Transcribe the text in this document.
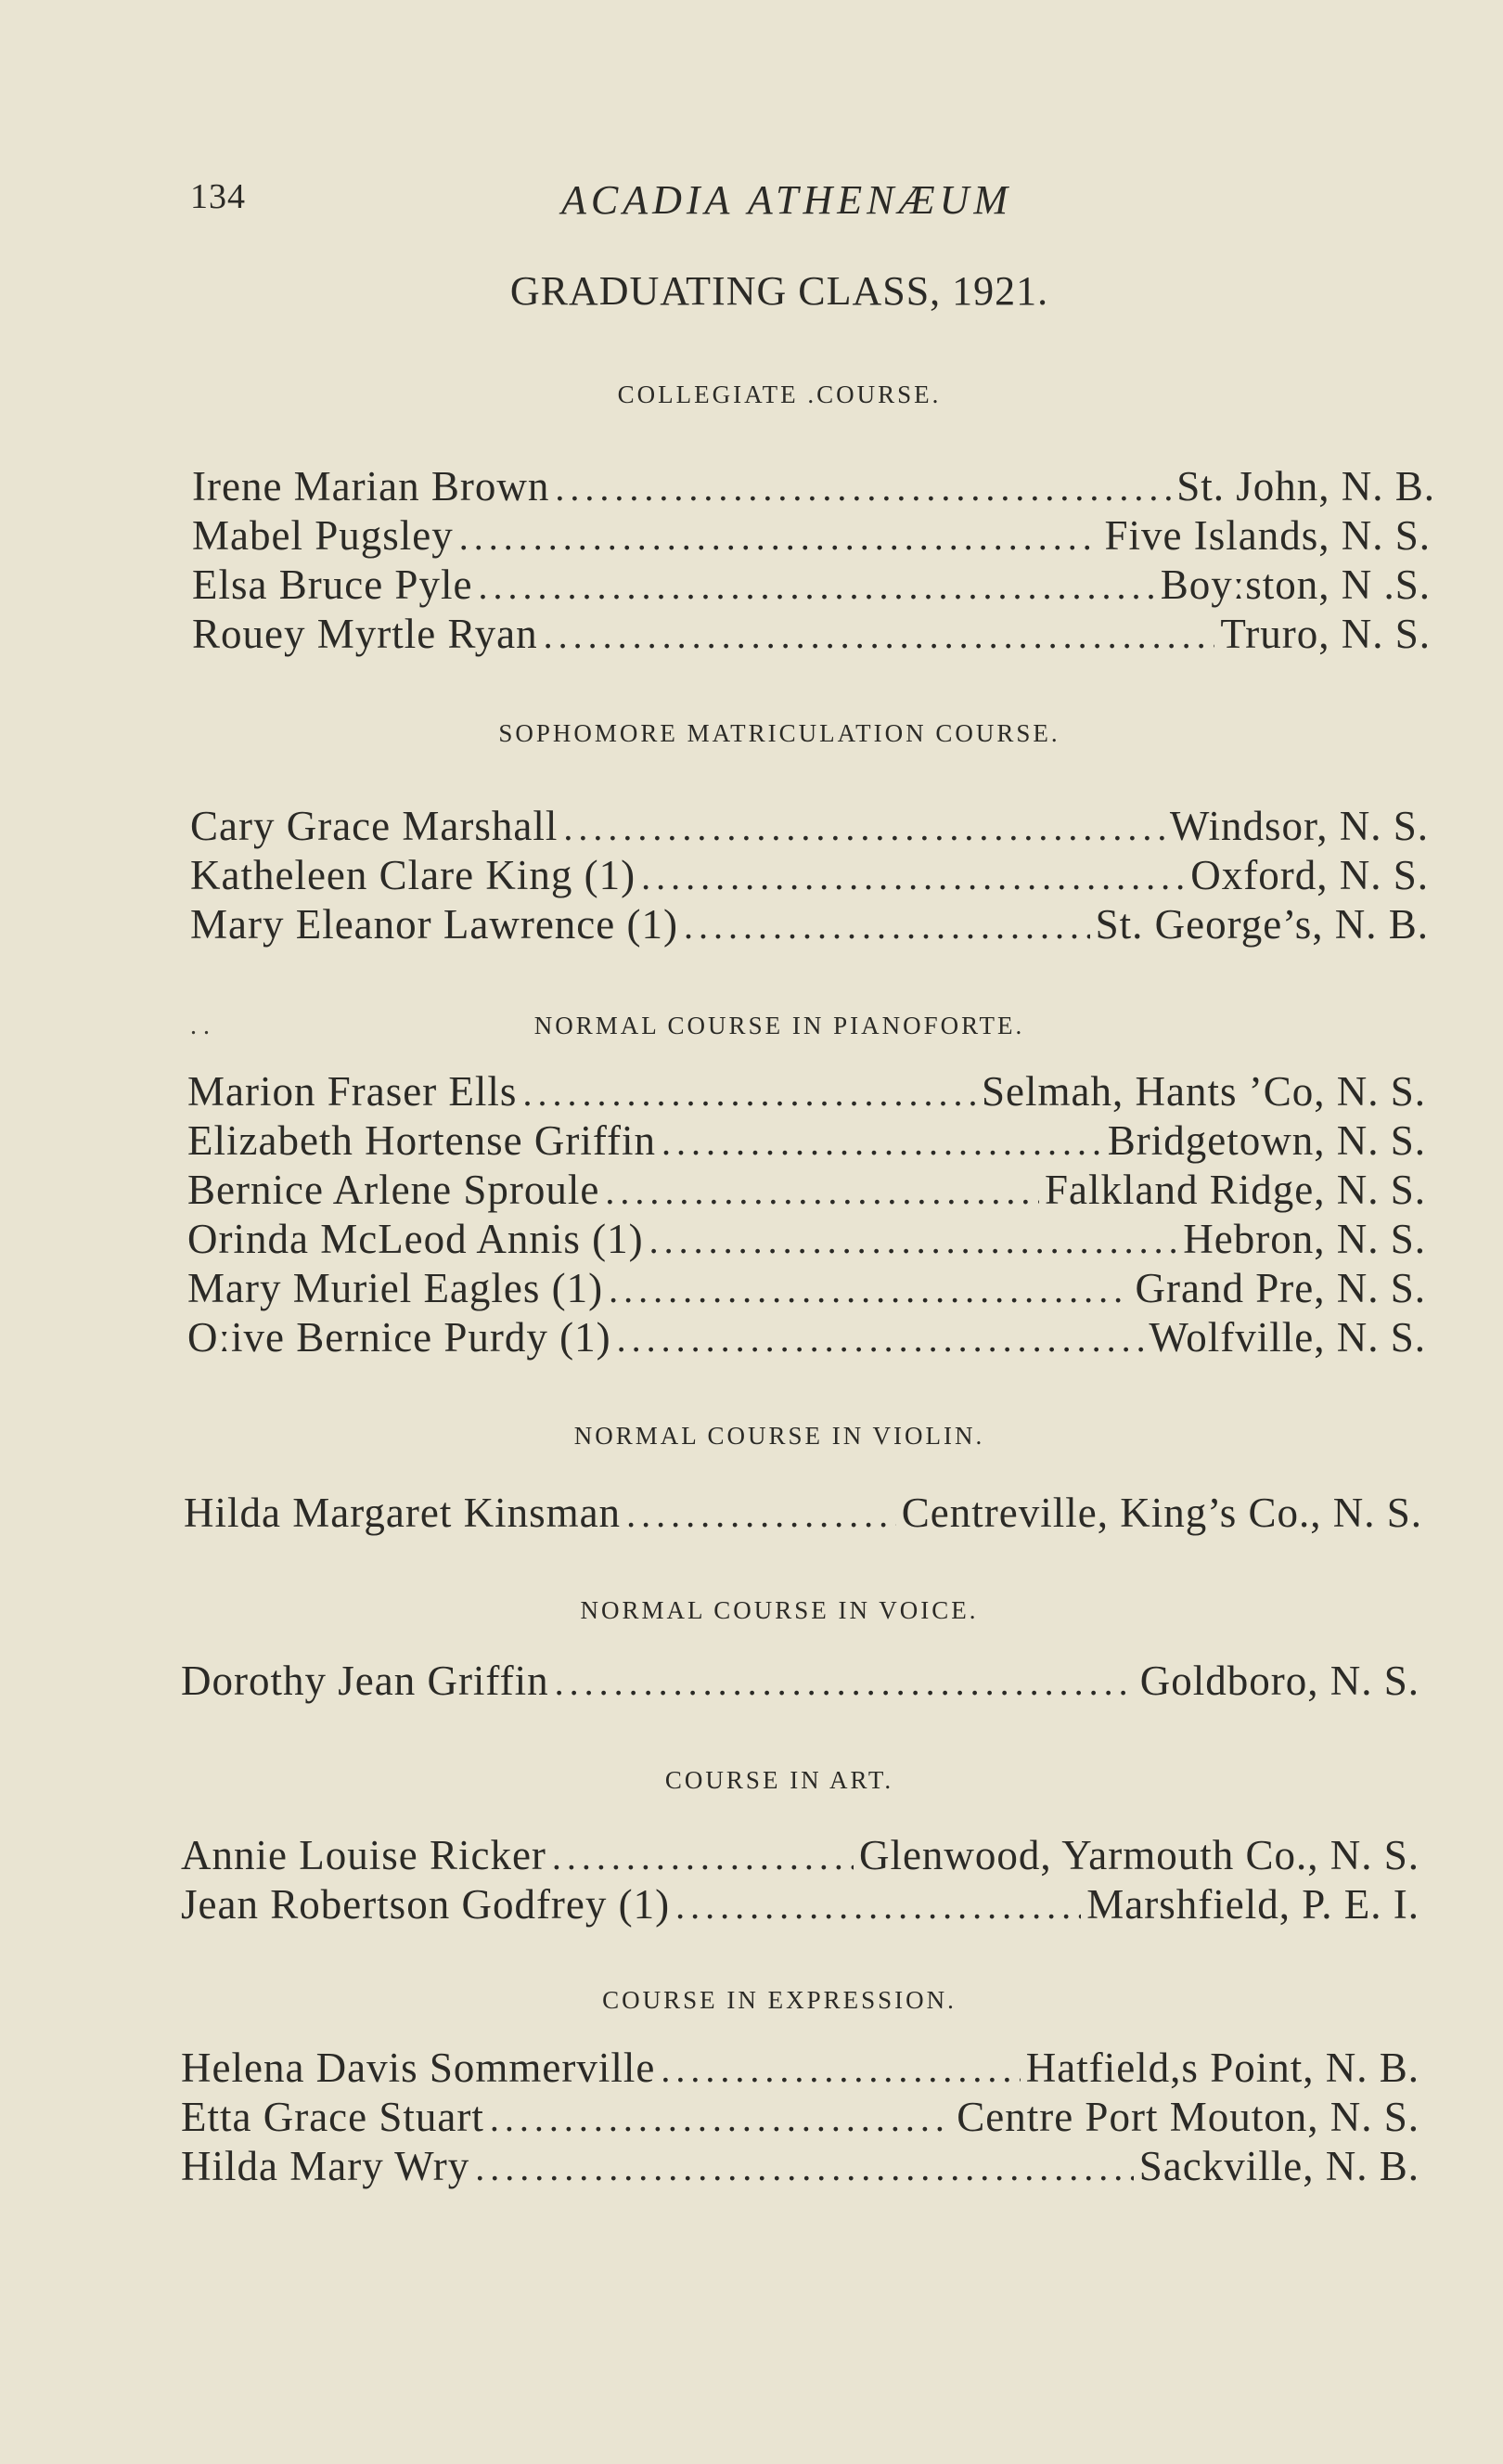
134	ACADIA ATHENÆUM
GRADUATING CLASS, 1921.
COLLEGIATE .COURSE.
Irene Marian Brown .....	St. John, N. B.
Mabel Pugsley .....	Five Islands, N. S.
Elsa Bruce Pyle .....	Boyːston, N .S.
Rouey Myrtle Ryan .....	Truro, N. S.
SOPHOMORE MATRICULATION COURSE.
Cary Grace Marshall .....	Windsor, N. S.
Katheleen Clare King (1) .....	Oxford, N. S.
Mary Eleanor Lawrence (1) .....	St. George’s, N. B.
. .	NORMAL COURSE IN PIANOFORTE.
Marion Fraser Ells .....	Selmah, Hants ’Co, N. S.
Elizabeth Hortense Griffin .....	Bridgetown, N. S.
Bernice Arlene Sproule .....	Falkland Ridge, N. S.
Orinda McLeod Annis (1) .....	Hebron, N. S.
Mary Muriel Eagles (1) .....	Grand Pre, N. S.
Oːive Bernice Purdy (1) .....	Wolfville, N. S.
NORMAL COURSE IN VIOLIN.
Hilda Margaret Kinsman .....	Centreville, King’s Co., N. S.
NORMAL COURSE IN VOICE.
Dorothy Jean Griffin .....	Goldboro, N. S.
COURSE IN ART.
Annie Louise Ricker .....	Glenwood, Yarmouth Co., N. S.
Jean Robertson Godfrey (1) .....	Marshfield, P. E. I.
COURSE IN EXPRESSION.
Helena Davis Sommerville .....	Hatfield,s Point, N. B.
Etta Grace Stuart .....	Centre Port Mouton, N. S.
Hilda Mary Wry .....	Sackville, N. B.
